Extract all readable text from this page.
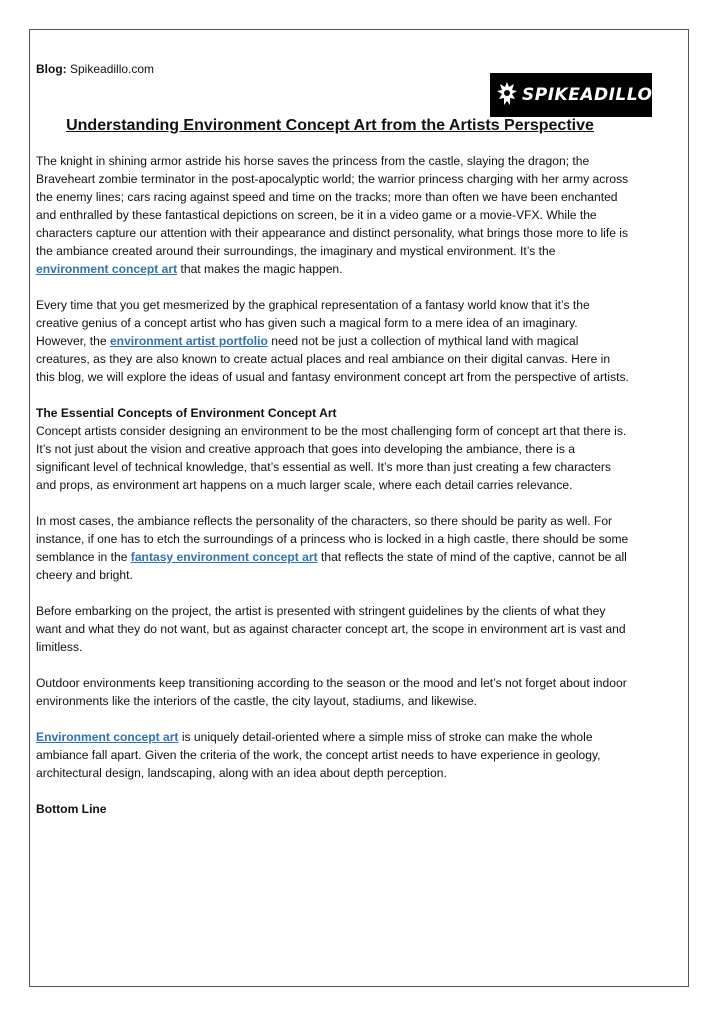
Blog: Spikeadillo.com
SPIKEADILLO
Understanding Environment Concept Art from the Artists Perspective

The knight in shining armor astride his horse saves the princess from the castle, slaying the dragon; the Braveheart zombie terminator in the post-apocalyptic world; the warrior princess charging with her army across the enemy lines; cars racing against speed and time on the tracks; more than often we have been enchanted and enthralled by these fantastical depictions on screen, be it in a video game or a movie-VFX. While the characters capture our attention with their appearance and distinct personality, what brings those more to life is the ambiance created around their surroundings, the imaginary and mystical environment. It’s the environment concept art that makes the magic happen.

Every time that you get mesmerized by the graphical representation of a fantasy world know that it’s the creative genius of a concept artist who has given such a magical form to a mere idea of an imaginary. However, the environment artist portfolio need not be just a collection of mythical land with magical creatures, as they are also known to create actual places and real ambiance on their digital canvas. Here in this blog, we will explore the ideas of usual and fantasy environment concept art from the perspective of artists.

The Essential Concepts of Environment Concept Art

Concept artists consider designing an environment to be the most challenging form of concept art that there is. It’s not just about the vision and creative approach that goes into developing the ambiance, there is a significant level of technical knowledge, that’s essential as well. It’s more than just creating a few characters and props, as environment art happens on a much larger scale, where each detail carries relevance.

In most cases, the ambiance reflects the personality of the characters, so there should be parity as well. For instance, if one has to etch the surroundings of a princess who is locked in a high castle, there should be some semblance in the fantasy environment concept art that reflects the state of mind of the captive, cannot be all cheery and bright.

Before embarking on the project, the artist is presented with stringent guidelines by the clients of what they want and what they do not want, but as against character concept art, the scope in environment art is vast and limitless.

Outdoor environments keep transitioning according to the season or the mood and let’s not forget about indoor environments like the interiors of the castle, the city layout, stadiums, and likewise.

Environment concept art is uniquely detail-oriented where a simple miss of stroke can make the whole ambiance fall apart. Given the criteria of the work, the concept artist needs to have experience in geology, architectural design, landscaping, along with an idea about depth perception.

Bottom Line
